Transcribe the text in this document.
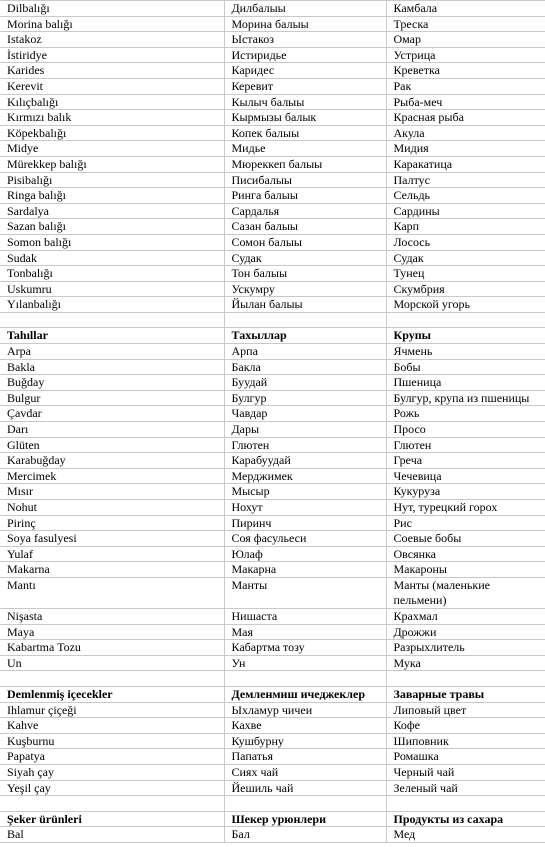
Dilbalığı	Дилбалыы	Камбала
Morina balığı	Морина балыы	Треска
Istakoz	Ыстакоз	Омар
İstiridye	Истиридье	Устрица
Karides	Каридес	Креветка
Kerevit	Керевит	Рак
Kılıçbalığı	Кылыч балыы	Рыба-меч
Kırmızı balık	Кырмызы балык	Красная рыба
Köpekbalığı	Копек балыы	Акула
Midye	Мидье	Мидия
Mürekkep balığı	Мюреккеп балыы	Каракатица
Pisibalığı	Писибалыы	Палтус
Ringa balığı	Ринга балыы	Сельдь
Sardalya	Сардалья	Сардины
Sazan balığı	Сазан балыы	Карп
Somon balığı	Сомон балыы	Лосось
Sudak	Судак	Судак
Tonbalığı	Тон балыы	Тунец
Uskumru	Ускумру	Скумбрия
Yılanbalığı	Йылан балыы	Морской угорь

Tahıllar	Тахыллар	Крупы
Arpa	Арпа	Ячмень
Bakla	Бакла	Бобы
Buğday	Буудай	Пшеница
Bulgur	Булгур	Булгур, крупа из пшеницы
Çavdar	Чавдар	Рожь
Darı	Дары	Просо
Glüten	Глютен	Глютен
Karabuğday	Карабуудай	Греча
Mercimek	Мерджимек	Чечевица
Mısır	Мысыр	Кукуруза
Nohut	Нохут	Нут, турецкий горох
Pirinç	Пиринч	Рис
Soya fasulyesi	Соя фасульеси	Соевые бобы
Yulaf	Юлаф	Овсянка
Makarna	Макарна	Макароны
Mantı	Манты	Манты (маленькие пельмени)
Nişasta	Нишаста	Крахмал
Maya	Мая	Дрожжи
Kabartma Tozu	Кабартма тозу	Разрыхлитель
Un	Ун	Мука

Demlenmiş içecekler	Демленмиш ичеджеклер	Заварные травы
Ihlamur çiçeği	Ыхламур чичеи	Липовый цвет
Kahve	Кахве	Кофе
Kuşburnu	Кушбурну	Шиповник
Papatya	Папатья	Ромашка
Siyah çay	Сиях чай	Черный чай
Yeşil çay	Йешиль чай	Зеленый чай

Şeker ürünleri	Шекер урюнлери	Продукты из сахара
Bal	Бал	Мед
